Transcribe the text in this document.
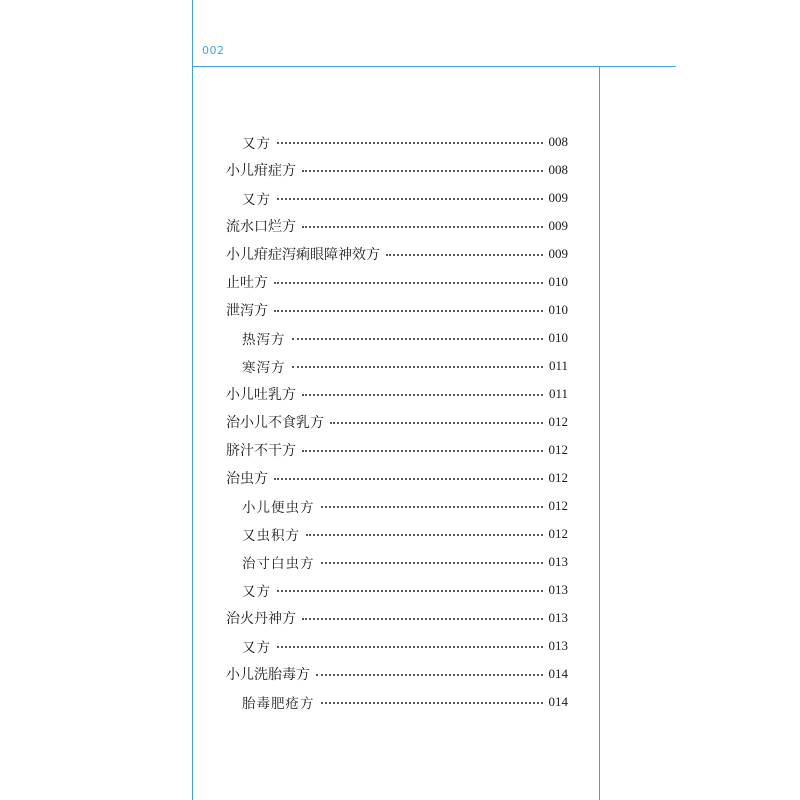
002
又方	008
小儿疳症方	008
又方	009
流水口烂方	009
小儿疳症泻痢眼障神效方	009
止吐方	010
泄泻方	010
热泻方	010
寒泻方	011
小儿吐乳方	011
治小儿不食乳方	012
脐汁不干方	012
治虫方	012
小儿便虫方	012
又虫积方	012
治寸白虫方	013
又方	013
治火丹神方	013
又方	013
小儿洗胎毒方	014
胎毒肥疮方	014
